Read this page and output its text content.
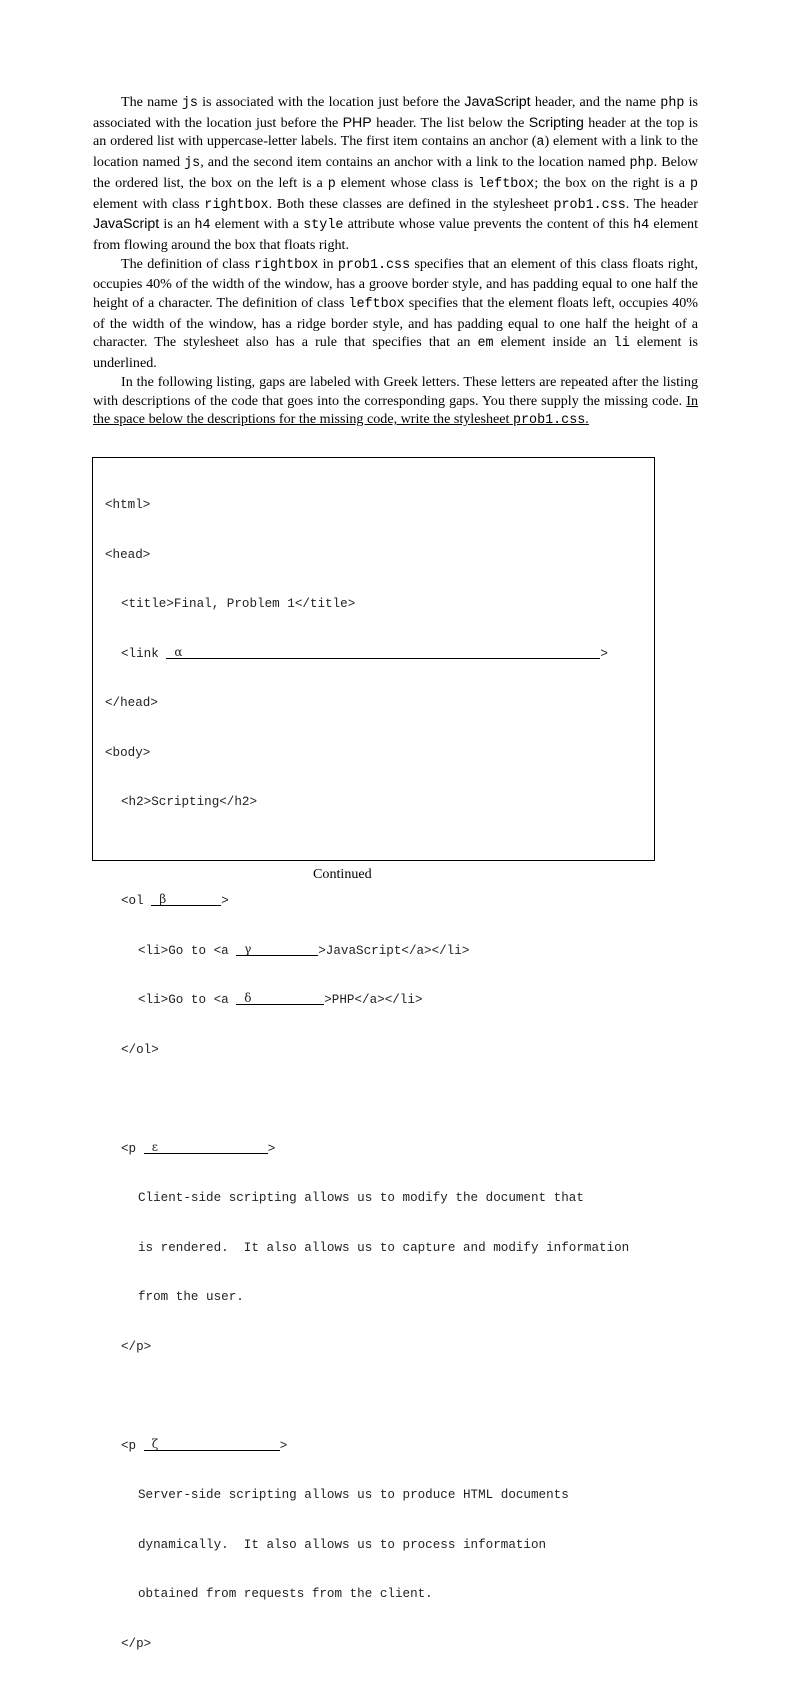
The name js is associated with the location just before the JavaScript header, and the name php is associated with the location just before the PHP header. The list below the Scripting header at the top is an ordered list with uppercase-letter labels. The first item contains an anchor (a) element with a link to the location named js, and the second item contains an anchor with a link to the location named php. Below the ordered list, the box on the left is a p element whose class is leftbox; the box on the right is a p element with class rightbox. Both these classes are defined in the stylesheet prob1.css. The header JavaScript is an h4 element with a style attribute whose value prevents the content of this h4 element from flowing around the box that floats right.

The definition of class rightbox in prob1.css specifies that an element of this class floats right, occupies 40% of the width of the window, has a groove border style, and has padding equal to one half the height of a character. The definition of class leftbox specifies that the element floats left, occupies 40% of the width of the window, has a ridge border style, and has padding equal to one half the height of a character. The stylesheet also has a rule that specifies that an em element inside an li element is underlined.

In the following listing, gaps are labeled with Greek letters. These letters are repeated after the listing with descriptions of the code that goes into the corresponding gaps. You there supply the missing code. In the space below the descriptions for the missing code, write the stylesheet prob1.css.

<html>

<head>

<title>Final, Problem 1</title>

<link α	>

</head>

<body>

<h2>Scripting</h2>

<ol β	>

<li>Go to <a γ	>JavaScript</a></li>

<li>Go to <a δ	>PHP</a></li>

</ol>

<p ε	>

Client-side scripting allows us to modify the document that

is rendered.  It also allows us to capture and modify information

from the user.

</p>

<p ζ	>

Server-side scripting allows us to produce HTML documents

dynamically.  It also allows us to process information

obtained from requests from the client.

</p>

Continued
